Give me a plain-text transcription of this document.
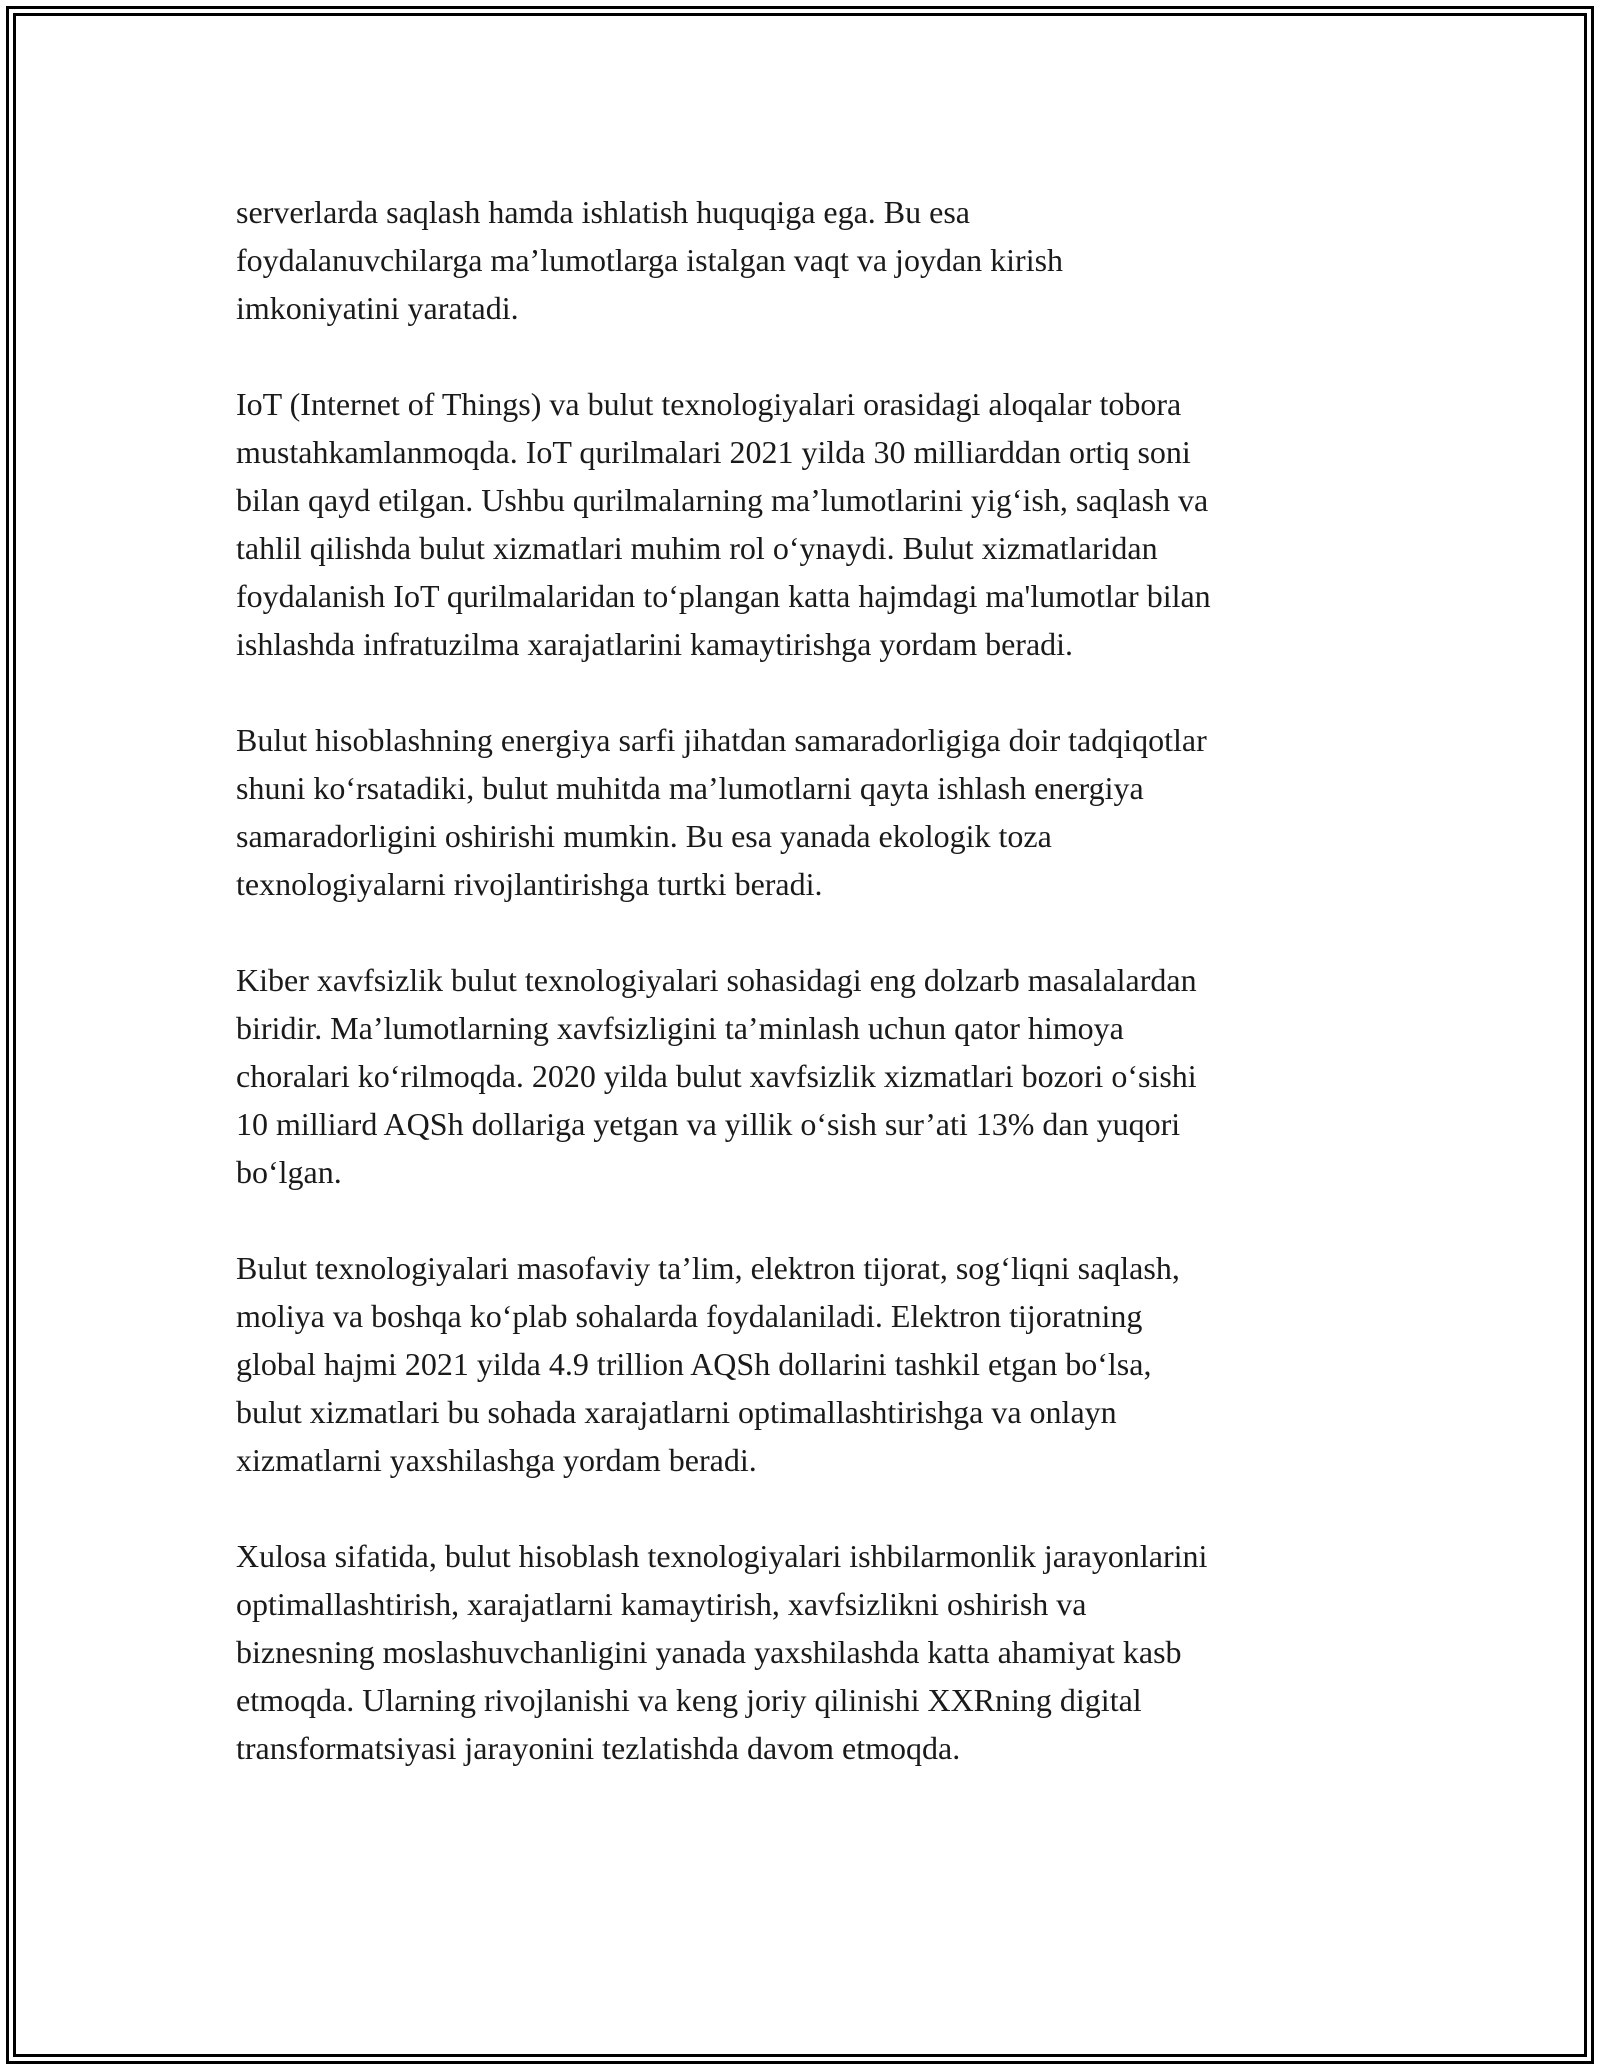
serverlarda saqlash hamda ishlatish huquqiga ega. Bu esa
foydalanuvchilarga ma’lumotlarga istalgan vaqt va joydan kirish
imkoniyatini yaratadi.

IoT (Internet of Things) va bulut texnologiyalari orasidagi aloqalar tobora
mustahkamlanmoqda. IoT qurilmalari 2021 yilda 30 milliarddan ortiq soni
bilan qayd etilgan. Ushbu qurilmalarning ma’lumotlarini yig‘ish, saqlash va
tahlil qilishda bulut xizmatlari muhim rol o‘ynaydi. Bulut xizmatlaridan
foydalanish IoT qurilmalaridan to‘plangan katta hajmdagi ma'lumotlar bilan
ishlashda infratuzilma xarajatlarini kamaytirishga yordam beradi.

Bulut hisoblashning energiya sarfi jihatdan samaradorligiga doir tadqiqotlar
shuni ko‘rsatadiki, bulut muhitda ma’lumotlarni qayta ishlash energiya
samaradorligini oshirishi mumkin. Bu esa yanada ekologik toza
texnologiyalarni rivojlantirishga turtki beradi.

Kiber xavfsizlik bulut texnologiyalari sohasidagi eng dolzarb masalalardan
biridir. Ma’lumotlarning xavfsizligini ta’minlash uchun qator himoya
choralari ko‘rilmoqda. 2020 yilda bulut xavfsizlik xizmatlari bozori o‘sishi
10 milliard AQSh dollariga yetgan va yillik o‘sish sur’ati 13% dan yuqori
bo‘lgan.

Bulut texnologiyalari masofaviy ta’lim, elektron tijorat, sog‘liqni saqlash,
moliya va boshqa ko‘plab sohalarda foydalaniladi. Elektron tijoratning
global hajmi 2021 yilda 4.9 trillion AQSh dollarini tashkil etgan bo‘lsa,
bulut xizmatlari bu sohada xarajatlarni optimallashtirishga va onlayn
xizmatlarni yaxshilashga yordam beradi.

Xulosa sifatida, bulut hisoblash texnologiyalari ishbilarmonlik jarayonlarini
optimallashtirish, xarajatlarni kamaytirish, xavfsizlikni oshirish va
biznesning moslashuvchanligini yanada yaxshilashda katta ahamiyat kasb
etmoqda. Ularning rivojlanishi va keng joriy qilinishi XXRning digital
transformatsiyasi jarayonini tezlatishda davom etmoqda.
